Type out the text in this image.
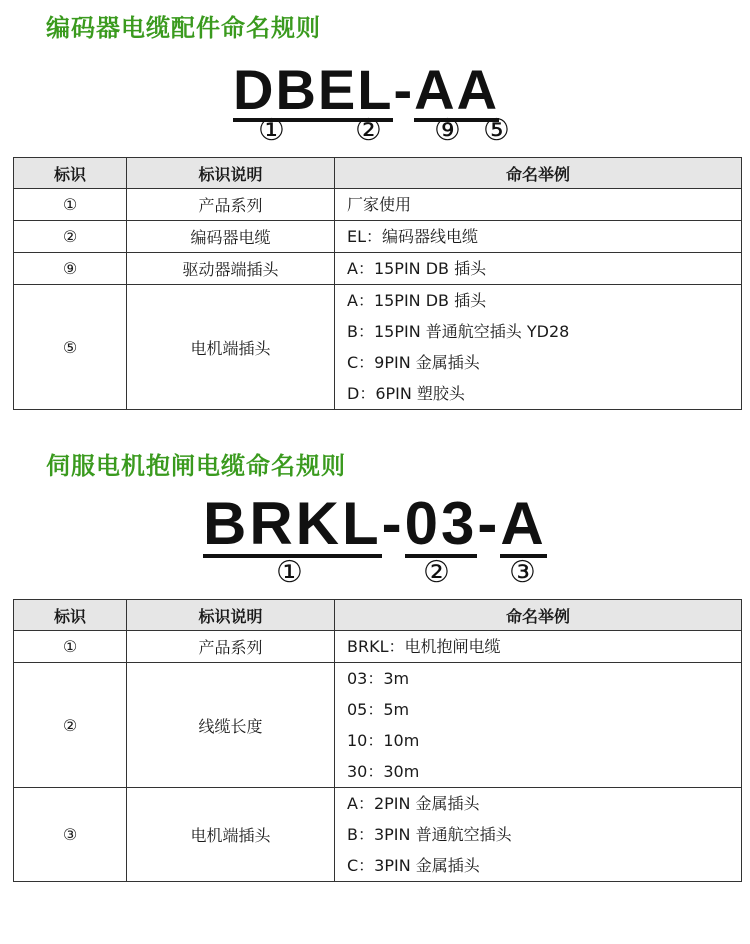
编码器电缆配件命名规则
DBEL-AA
① ② ⑨ ⑤
标识	标识说明	命名举例
①	产品系列	厂家使用

②	编码器电缆	EL：编码器线电缆

⑨	驱动器端插头	A：15PIN DB 插头

⑤	电机端插头	A：15PIN DB 插头
B：15PIN 普通航空插头 YD28
C：9PIN 金属插头
D：6PIN 塑胶头
伺服电机抱闸电缆命名规则
BRKL-03-A
①	② ③
标识	标识说明	命名举例
①	产品系列	BRKL：电机抱闸电缆

②	线缆长度	03：3m
05：5m
10：10m
30：30m

③	电机端插头	A：2PIN 金属插头
B：3PIN 普通航空插头
C：3PIN 金属插头
